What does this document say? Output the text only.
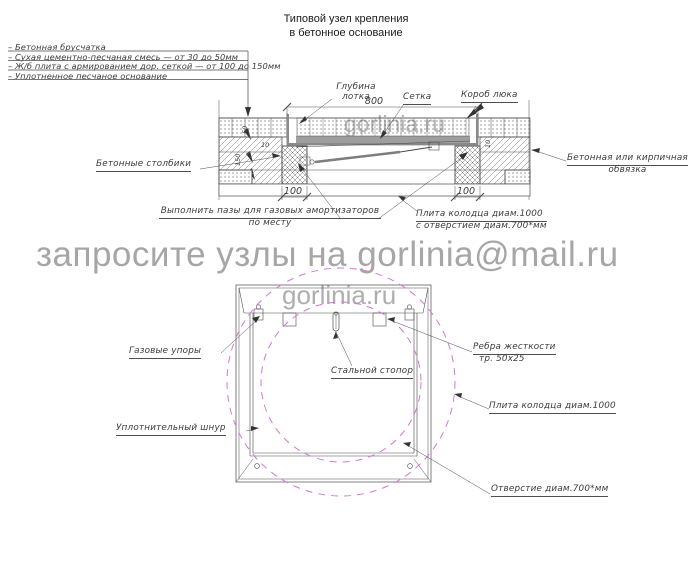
запросите узлы на gorlinia@mail.ru
gorlinia.ru
Типовой узел крепления
в бетонное основание
– Бетонная брусчатка
– Сухая цементно-песчаная смесь — от 30 до 50мм
– Ж/б плита с армированием дор. сеткой — от 100 до 150мм
– Уплотненное песчаное основание
Глубина
лотка
800	Сетка	Короб люка
Бетонные столбики
Бетонная или кирпичная
обвязка
Выполнить пазы для газовых амортизаторов
по месту
Плита колодца диам.1000
с отверстием диам.700*мм
100	100
10	10
50
150
Газовые упоры
Стальной стопор
Ребра жесткости
тр. 50х25
Плита колодца диам.1000
Уплотнительный шнур
Отверстие диам.700*мм
